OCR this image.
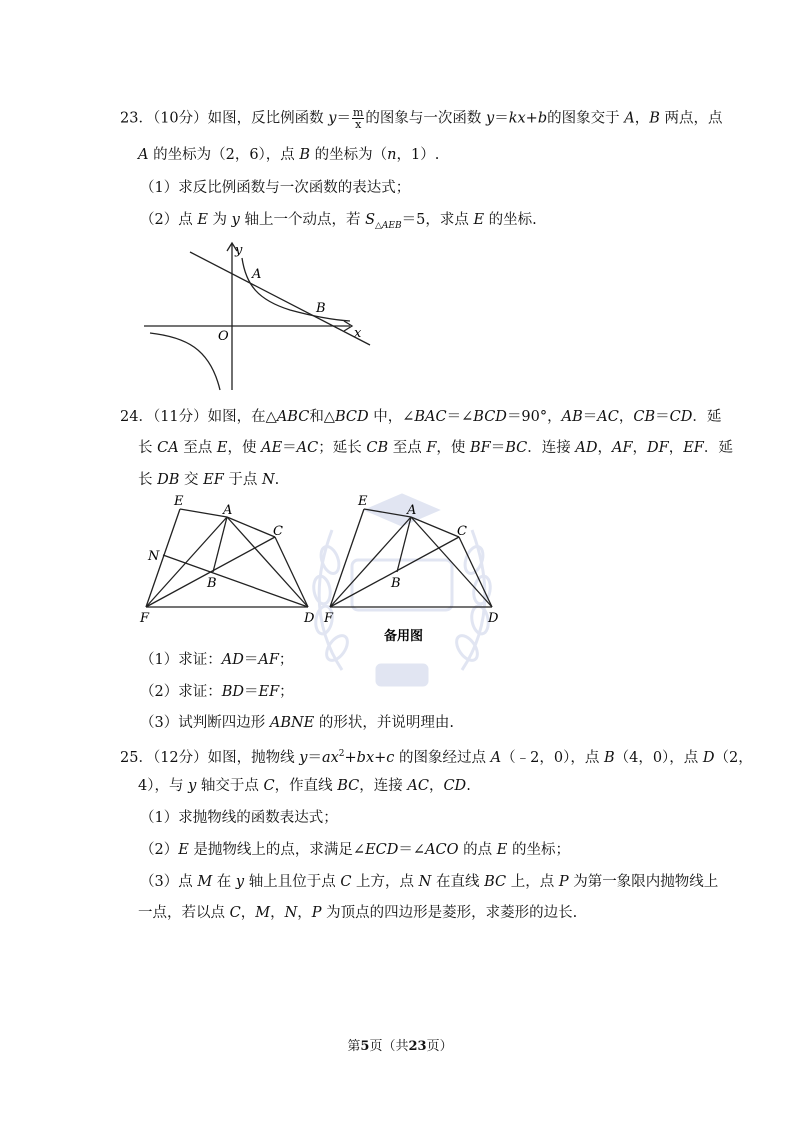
23．（10分）如图，反比例函数 $y= \frac{m}{x}$ 的图象与一次函数 y＝kx+b的图象交于 A，B 两点，点
A 的坐标为（2，6），点 B 的坐标为（n，1）.
（1）求反比例函数与一次函数的表达式；
（2）点 E 为 y 轴上一个动点，若 $S_{\triangle AEB}=5$，求点 E 的坐标.
y
x
O
A
B
24．（11分）如图，在△ABC和△BCD 中，∠BAC＝∠BCD＝90°，AB＝AC，CB＝CD．延
长 CA 至点 E，使 AE＝AC；延长 CB 至点 F，使 BF＝BC．连接 AD，AF，DF，EF．延
长 DB 交 EF 于点 N.
E
A
C
N
B
F	D
E
A
C
B
F	D
备用图
（1）求证：AD＝AF；
（2）求证：BD＝EF；
（3）试判断四边形 ABNE 的形状，并说明理由.
25．（12分）如图，抛物线 $y=ax^2+bx+c$ 的图象经过点 A（﹣2，0），点 B（4，0），点 D（2，
4），与 y 轴交于点 C，作直线 BC，连接 AC，CD.
（1）求抛物线的函数表达式；
（2）E 是抛物线上的点，求满足∠ECD＝∠ACO 的点 E 的坐标；
（3）点 M 在 y 轴上且位于点 C 上方，点 N 在直线 BC 上，点 P 为第一象限内抛物线上
一点，若以点 C，M，N，P 为顶点的四边形是菱形，求菱形的边长.
第5页（共23页）
